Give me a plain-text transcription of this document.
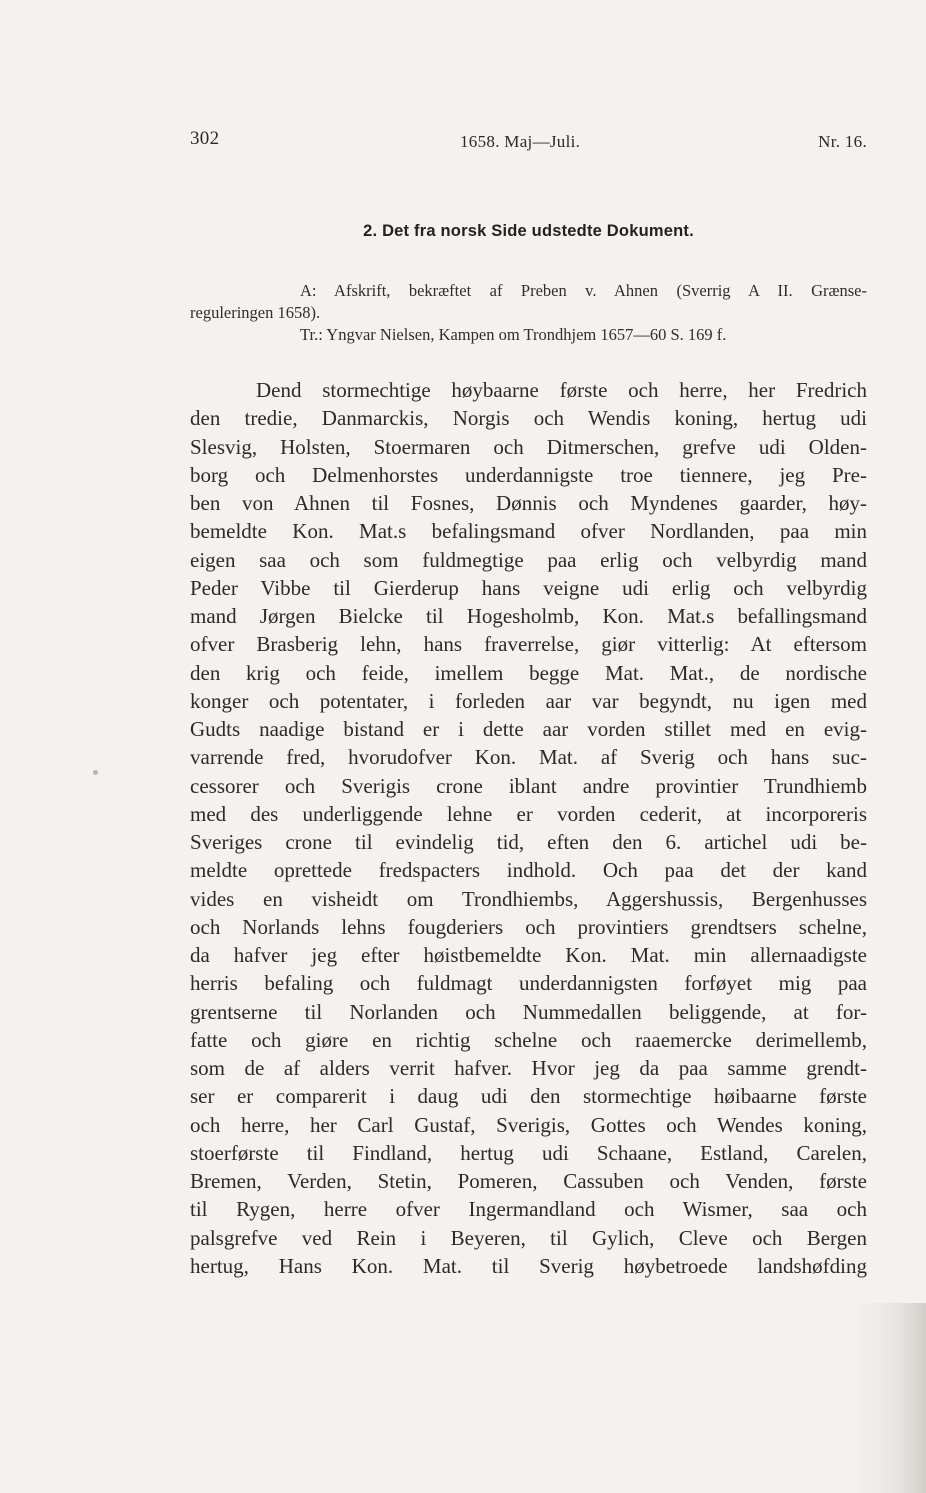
302	1658. Maj—Juli.	Nr. 16.
2. Det fra norsk Side udstedte Dokument.

A: Afskrift, bekræftet af Preben v. Ahnen (Sverrig A II. Grænse-

reguleringen 1658).

Tr.: Yngvar Nielsen, Kampen om Trondhjem 1657—60 S. 169 f.

Dend stormechtige høybaarne første och herre, her Fredrich
den tredie, Danmarckis, Norgis och Wendis koning, hertug udi
Slesvig, Holsten, Stoermaren och Ditmerschen, grefve udi Olden-
borg och Delmenhorstes underdannigste troe tiennere, jeg Pre-
ben von Ahnen til Fosnes, Dønnis och Myndenes gaarder, høy-
bemeldte Kon. Mat.s befalingsmand ofver Nordlanden, paa min
eigen saa och som fuldmegtige paa erlig och velbyrdig mand
Peder Vibbe til Gierderup hans veigne udi erlig och velbyrdig
mand Jørgen Bielcke til Hogesholmb, Kon. Mat.s befallingsmand
ofver Brasberig lehn, hans fraverrelse, giør vitterlig: At eftersom
den krig och feide, imellem begge Mat. Mat., de nordische
konger och potentater, i forleden aar var begyndt, nu igen med
Gudts naadige bistand er i dette aar vorden stillet med en evig-
varrende fred, hvorudofver Kon. Mat. af Sverig och hans suc-
cessorer och Sverigis crone iblant andre provintier Trundhiemb
med des underliggende lehne er vorden cederit, at incorporeris
Sveriges crone til evindelig tid, eften den 6. artichel udi be-
meldte oprettede fredspacters indhold. Och paa det der kand
vides en visheidt om Trondhiembs, Aggershussis, Bergenhusses
och Norlands lehns fougderiers och provintiers grendtsers schelne,
da hafver jeg efter høistbemeldte Kon. Mat. min allernaadigste
herris befaling och fuldmagt underdannigsten forføyet mig paa
grentserne til Norlanden och Nummedallen beliggende, at for-
fatte och giøre en richtig schelne och raaemercke derimellemb,
som de af alders verrit hafver. Hvor jeg da paa samme grendt-
ser er comparerit i daug udi den stormechtige høibaarne første
och herre, her Carl Gustaf, Sverigis, Gottes och Wendes koning,
stoerførste til Findland, hertug udi Schaane, Estland, Carelen,
Bremen, Verden, Stetin, Pomeren, Cassuben och Venden, første
til Rygen, herre ofver Ingermandland och Wismer, saa och
palsgrefve ved Rein i Beyeren, til Gylich, Cleve och Bergen
hertug, Hans Kon. Mat. til Sverig høybetroede landshøfding
